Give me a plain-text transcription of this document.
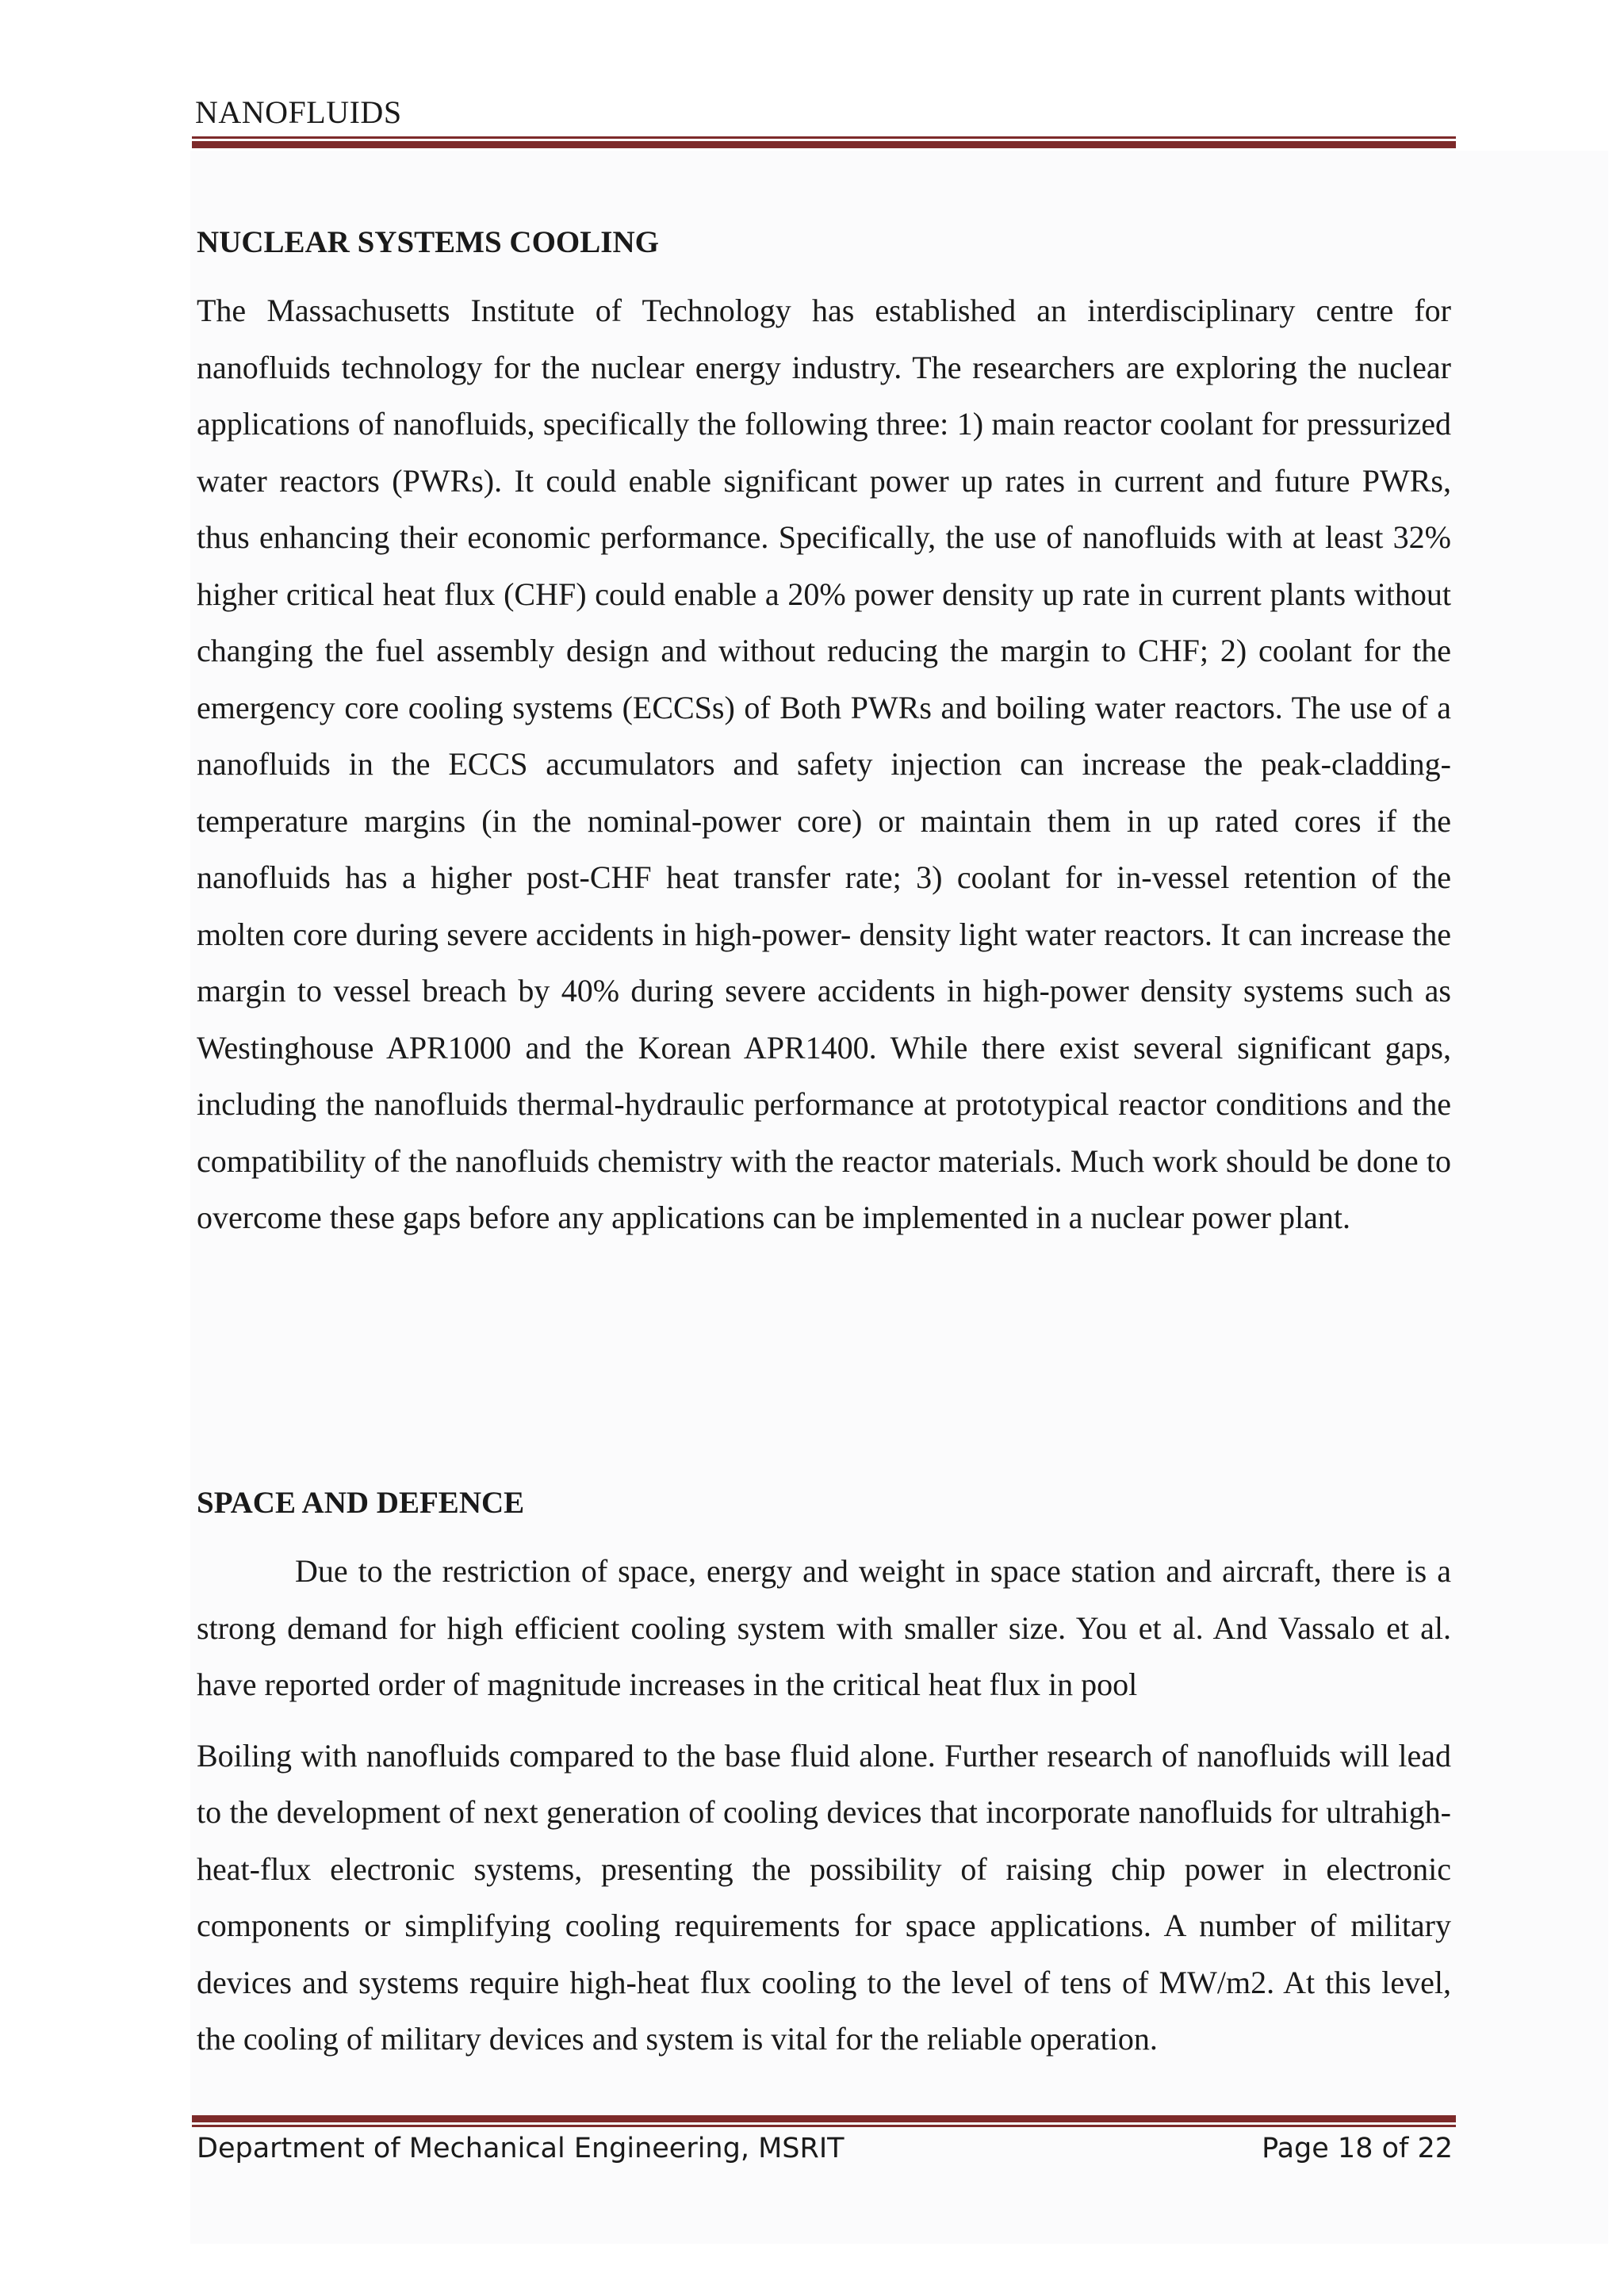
NANOFLUIDS
NUCLEAR SYSTEMS COOLING

The Massachusetts Institute of Technology has established an interdisciplinary centre for nanofluids technology for the nuclear energy industry. The researchers are exploring the nuclear applications of nanofluids, specifically the following three: 1) main reactor coolant for pressurized water reactors (PWRs). It could enable significant power up rates in current and future PWRs, thus enhancing their economic performance. Specifically, the use of nanofluids with at least 32% higher critical heat flux (CHF) could enable a 20% power density up rate in current plants without changing the fuel assembly design and without reducing the margin to CHF; 2) coolant for the emergency core cooling systems (ECCSs) of Both PWRs and boiling water reactors. The use of a nanofluids in the ECCS accumulators and safety injection can increase the peak-cladding-temperature margins (in the nominal-power core) or maintain them in up rated cores if the nanofluids has a higher post-CHF heat transfer rate; 3) coolant for in-vessel retention of the molten core during severe accidents in high-power- density light water reactors. It can increase the margin to vessel breach by 40% during severe accidents in high-power density systems such as Westinghouse APR1000 and the Korean APR1400. While there exist several significant gaps, including the nanofluids thermal-hydraulic performance at prototypical reactor conditions and the compatibility of the nanofluids chemistry with the reactor materials. Much work should be done to overcome these gaps before any applications can be implemented in a nuclear power plant.

SPACE AND DEFENCE

Due to the restriction of space, energy and weight in space station and aircraft, there is a strong demand for high efficient cooling system with smaller size. You et al. And Vassalo et al. have reported order of magnitude increases in the critical heat flux in pool

Boiling with nanofluids compared to the base fluid alone. Further research of nanofluids will lead to the development of next generation of cooling devices that incorporate nanofluids for ultrahigh-heat-flux electronic systems, presenting the possibility of raising chip power in electronic components or simplifying cooling requirements for space applications. A number of military devices and systems require high-heat flux cooling to the level of tens of MW/m2. At this level, the cooling of military devices and system is vital for the reliable operation.

Department of Mechanical Engineering, MSRIT	Page 18 of 22
